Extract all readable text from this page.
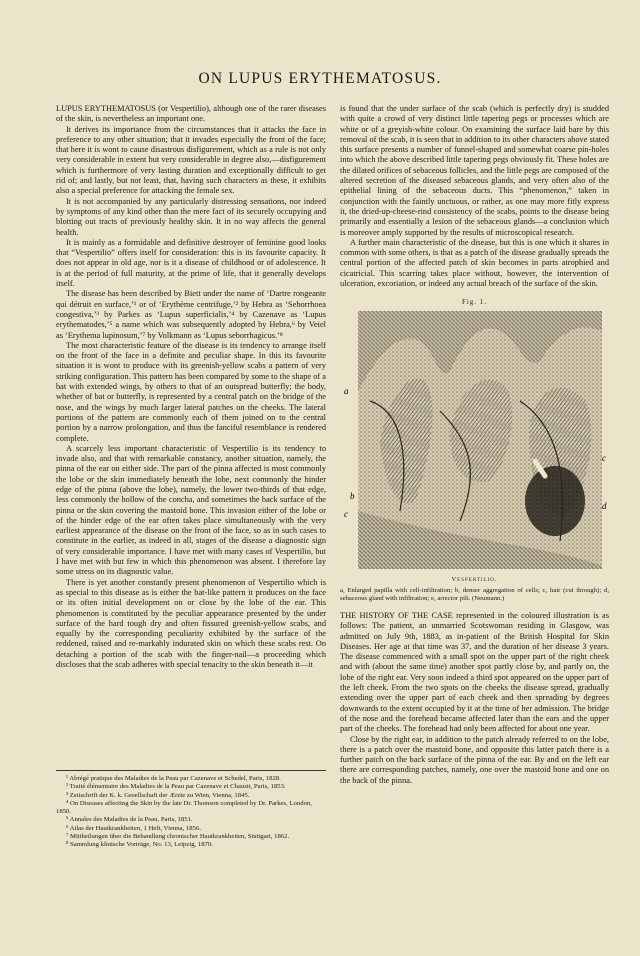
ON LUPUS ERYTHEMATOSUS.

LUPUS ERYTHEMATOSUS (or Vespertilio), although one of the rarer diseases of the skin, is nevertheless an important one.

It derives its importance from the circumstances that it attacks the face in preference to any other situation; that it invades especially the front of the face; that here it is wont to cause disastrous disfigurement, which as a rule is not only very considerable in extent but very considerable in degree also,—disfigurement which is furthermore of very lasting duration and exceptionally difficult to get rid of; and lastly, but not least, that, having such characters as these, it exhibits also a special preference for attacking the female sex.

It is not accompanied by any particularly distressing sensations, nor indeed by symptoms of any kind other than the mere fact of its securely occupying and blotting out tracts of previously healthy skin. It in no way affects the general health.

It is mainly as a formidable and definitive destroyer of feminine good looks that “Vespertilio” offers itself for consideration: this is its favourite capacity. It does not appear in old age, nor is it a disease of childhood or of adolescence. It is at the period of full maturity, at the prime of life, that it generally develops itself.

The disease has been described by Biett under the name of ‘Dartre rongeante qui détruit en surface,’¹ or of ‘Erythème centrifuge,’² by Hebra as ‘Seborrhoea congestiva,’³ by Parkes as ‘Lupus superficialis,’⁴ by Cazenave as ‘Lupus erythematodes,’⁵ a name which was subsequently adopted by Hebra,⁶ by Veiel as ‘Erythema lupinosum,’⁷ by Volkmann as ‘Lupus seborrhagicus.’⁸

The most characteristic feature of the disease is its tendency to arrange itself on the front of the face in a definite and peculiar shape. In this its favourite situation it is wont to produce with its greenish-yellow scabs a pattern of very striking configuration. This pattern has been compared by some to the shape of a bat with extended wings, by others to that of an outspread butterfly; the body, whether of bat or butterfly, is represented by a central patch on the bridge of the nose, and the wings by much larger lateral patches on the cheeks. The lateral portions of the pattern are commonly each of them joined on to the central portion by a narrow prolongation, and thus the fanciful resemblance is rendered complete.

A scarcely less important characteristic of Vespertilio is its tendency to invade also, and that with remarkable constancy, another situation, namely, the pinna of the ear on either side. The part of the pinna affected is most commonly the lobe or the skin immediately beneath the lobe, next commonly the hinder edge of the pinna (above the lobe), namely, the lower two-thirds of that edge, less commonly the hollow of the concha, and sometimes the back surface of the pinna or the skin covering the mastoid bone. This invasion either of the lobe or of the hinder edge of the ear often takes place simultaneously with the very earliest appearance of the disease on the front of the face, so as in such cases to constitute in the earlier, as indeed in all, stages of the disease a diagnostic sign of very considerable importance. I have met with many cases of Vespertilio, but I have met with but few in which this phenomenon was absent. I therefore lay some stress on its diagnostic value.

There is yet another constantly present phenomenon of Vespertilio which is as special to this disease as is either the bat-like pattern it produces on the face or its often initial development on or close by the lobe of the ear. This phenomenon is constituted by the peculiar appearance presented by the under surface of the hard tough dry and often fissured greenish-yellow scabs, and equally by the corresponding peculiarity exhibited by the surface of the reddened, raised and re-markably indurated skin on which these scabs rest. On detaching a portion of the scab with the finger-nail—a proceeding which discloses that the scab adheres with special tenacity to the skin beneath it—it

¹ Abrégé pratique des Maladies de la Peau par Cazenave et Schedel, Paris, 1828.
² Traité élémentaire des Maladies de la Peau par Cazenave et Chausit, Paris, 1853.
³ Zeitschrift der K. k. Gesellschaft der Ærzte zu Wien, Vienna, 1845.
⁴ On Diseases affecting the Skin by the late Dr. Thomson completed by Dr. Parkes, London, 1850.
⁵ Annales des Maladies de la Peau, Paris, 1851.
⁶ Atlas der Hautkrankheiten, 1 Heft, Vienna, 1856.
⁷ Mittheilungen über die Behandlung chronischer Hautkrankheiten, Stuttgart, 1862.
⁸ Sammlung klinische Vorträge, No. 13, Leipzig, 1870.

is found that the under surface of the scab (which is perfectly dry) is studded with quite a crowd of very distinct little tapering pegs or processes which are white or of a greyish-white colour. On examining the surface laid bare by this removal of the scab, it is seen that in addition to its other characters above stated this surface presents a number of funnel-shaped and somewhat coarse pin-holes into which the above described little tapering pegs obviously fit. These holes are the dilated orifices of sebaceous follicles, and the little pegs are composed of the altered secretion of the diseased sebaceous glands, and very often also of the epithelial lining of the sebaceous ducts. This “phenomenon,” taken in conjunction with the faintly unctuous, or rather, as one may more fitly express it, the dried-up-cheese-rind consistency of the scabs, points to the disease being primarily and essentially a lesion of the sebaceous glands—a conclusion which is moreover amply supported by the results of microscopical research.

A further main characteristic of the disease, but this is one which it shares in common with some others, is that as a patch of the disease gradually spreads the central portion of the affected patch of skin becomes in parts atrophied and cicatricial. This scarring takes place without, however, the intervention of ulceration, excoriation, or indeed any actual breach of the surface of the skin.

Fig. 1.
a
b
c
c
d
Vespertilio.
a, Enlarged papilla with cell-infiltration; b, denser aggregation of cells; c, hair (cut through); d, sebaceous gland with infiltration; e, arrector pili. (Neumann.)

THE HISTORY OF THE CASE represented in the coloured illustration is as follows: The patient, an unmarried Scotswoman residing in Glasgow, was admitted on July 9th, 1883, as in-patient of the British Hospital for Skin Diseases. Her age at that time was 37, and the duration of her disease 3 years. The disease commenced with a small spot on the upper part of the right cheek and with (about the same time) another spot partly close by, and partly on, the lobe of the right ear. Very soon indeed a third spot appeared on the upper part of the left cheek. From the two spots on the cheeks the disease spread, gradually extending over the upper part of each cheek and then spreading by degrees downwards to the extent occupied by it at the time of her admission. The bridge of the nose and the forehead became affected later than the ears and the upper part of the cheeks. The forehead had only been affected for about one year.

Close by the right ear, in addition to the patch already referred to on the lobe, there is a patch over the mastoid bone, and opposite this latter patch there is a further patch on the back surface of the pinna of the ear. By and on the left ear there are corresponding patches, namely, one over the mastoid bone and one on the back of the pinna.
